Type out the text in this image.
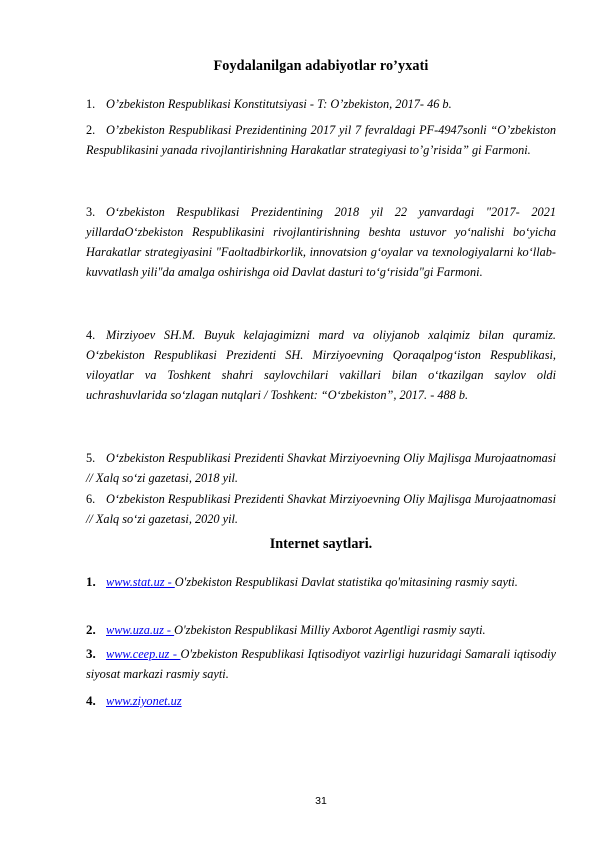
Foydalanilgan adabiyotlar ro’yxati
1. O’zbekiston Respublikasi Konstitutsiyasi - T: O’zbekiston, 2017- 46 b.
2. O’zbekiston Respublikasi Prezidentining 2017 yil 7 fevraldagi PF-4947sonli “O’zbekiston Respublikasini yanada rivojlantirishning Harakatlar strategiyasi to’g’risida” gi Farmoni.
3. O‘zbekiston Respublikasi Prezidentining 2018 yil 22 yanvardagi "2017- 2021 yillardaO‘zbekiston Respublikasini rivojlantirishning beshta ustuvor yo‘nalishi bo‘yicha Harakatlar strategiyasini "Faoltadbirkorlik, innovatsion g‘oyalar va texnologiyalarni ko‘llab-kuvvatlash yili"da amalga oshirishga oid Davlat dasturi to‘g‘risida"gi Farmoni.
4. Mirziyoev SH.M. Buyuk kelajagimizni mard va oliyjanob xalqimiz bilan quramiz. O‘zbekiston Respublikasi Prezidenti SH. Mirziyoevning Qoraqalpog‘iston Respublikasi, viloyatlar va Toshkent shahri saylovchilari vakillari bilan o‘tkazilgan saylov oldi uchrashuvlarida so‘zlagan nutqlari / Toshkent: “O‘zbekiston”, 2017. - 488 b.
5. O‘zbekiston Respublikasi Prezidenti Shavkat Mirziyoevning Oliy Majlisga Murojaatnomasi // Xalq so‘zi gazetasi, 2018 yil.
6. O‘zbekiston Respublikasi Prezidenti Shavkat Mirziyoevning Oliy Majlisga Murojaatnomasi // Xalq so‘zi gazetasi, 2020 yil.
Internet saytlari.
1. www.stat.uz - O'zbekiston Respublikasi Davlat statistika qo'mitasining rasmiy sayti.
2. www.uza.uz - O'zbekiston Respublikasi Milliy Axborot Agentligi rasmiy sayti.
3. www.ceep.uz - O'zbekiston Respublikasi Iqtisodiyot vazirligi huzuridagi Samarali iqtisodiy siyosat markazi rasmiy sayti.
4. www.ziyonet.uz
31
